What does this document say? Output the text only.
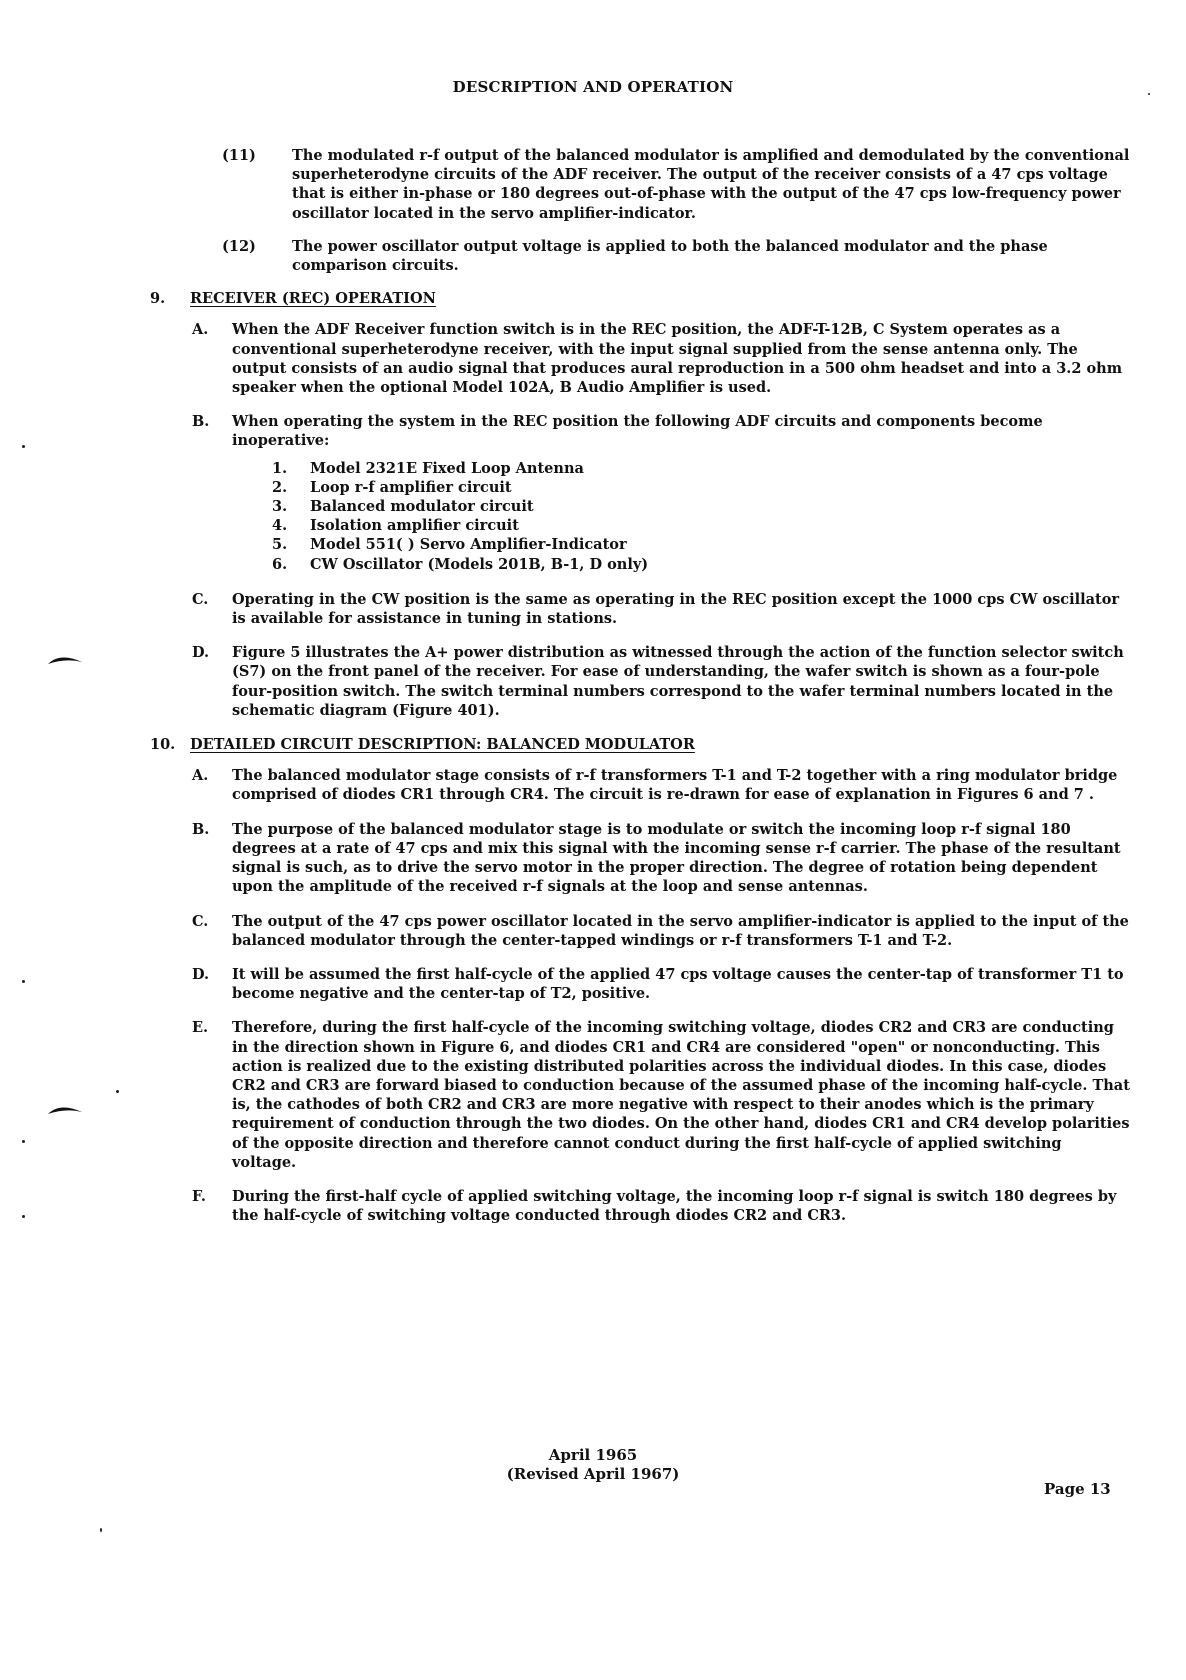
DESCRIPTION AND OPERATION
(11)	The modulated r-f output of the balanced modulator is amplified and demodulated by the conventional superheterodyne circuits of the ADF receiver. The output of the receiver consists of a 47 cps voltage that is either in-phase or 180 degrees out-of-phase with the output of the 47 cps low-frequency power oscillator located in the servo amplifier-indicator.
(12)	The power oscillator output voltage is applied to both the balanced modulator and the phase comparison circuits.
9.	RECEIVER (REC) OPERATION
A.	When the ADF Receiver function switch is in the REC position, the ADF-T-12B, C System operates as a conventional superheterodyne receiver, with the input signal supplied from the sense antenna only. The output consists of an audio signal that produces aural reproduction in a 500 ohm headset and into a 3.2 ohm speaker when the optional Model 102A, B Audio Amplifier is used.
B.	When operating the system in the REC position the following ADF circuits and components become inoperative:
1.	Model 2321E Fixed Loop Antenna
2.	Loop r-f amplifier circuit
3.	Balanced modulator circuit
4.	Isolation amplifier circuit
5.	Model 551( ) Servo Amplifier-Indicator
6.	CW Oscillator (Models 201B, B-1, D only)
C.	Operating in the CW position is the same as operating in the REC position except the 1000 cps CW oscillator is available for assistance in tuning in stations.
D.	Figure 5 illustrates the A+ power distribution as witnessed through the action of the function selector switch (S7) on the front panel of the receiver. For ease of understanding, the wafer switch is shown as a four-pole four-position switch. The switch terminal numbers correspond to the wafer terminal numbers located in the schematic diagram (Figure 401).
10.	DETAILED CIRCUIT DESCRIPTION: BALANCED MODULATOR
A.	The balanced modulator stage consists of r-f transformers T-1 and T-2 together with a ring modulator bridge comprised of diodes CR1 through CR4. The circuit is re-drawn for ease of explanation in Figures 6 and 7 .
B.	The purpose of the balanced modulator stage is to modulate or switch the incoming loop r-f signal 180 degrees at a rate of 47 cps and mix this signal with the incoming sense r-f carrier. The phase of the resultant signal is such, as to drive the servo motor in the proper direction. The degree of rotation being dependent upon the amplitude of the received r-f signals at the loop and sense antennas.
C.	The output of the 47 cps power oscillator located in the servo amplifier-indicator is applied to the input of the balanced modulator through the center-tapped windings or r-f transformers T-1 and T-2.
D.	It will be assumed the first half-cycle of the applied 47 cps voltage causes the center-tap of transformer T1 to become negative and the center-tap of T2, positive.
E.	Therefore, during the first half-cycle of the incoming switching voltage, diodes CR2 and CR3 are conducting in the direction shown in Figure 6, and diodes CR1 and CR4 are considered "open" or nonconducting. This action is realized due to the existing distributed polarities across the individual diodes. In this case, diodes CR2 and CR3 are forward biased to conduction because of the assumed phase of the incoming half-cycle. That is, the cathodes of both CR2 and CR3 are more negative with respect to their anodes which is the primary requirement of conduction through the two diodes. On the other hand, diodes CR1 and CR4 develop polarities of the opposite direction and therefore cannot conduct during the first half-cycle of applied switching voltage.
F.	During the first-half cycle of applied switching voltage, the incoming loop r-f signal is switch 180 degrees by the half-cycle of switching voltage conducted through diodes CR2 and CR3.
April 1965
(Revised April 1967)
Page 13
